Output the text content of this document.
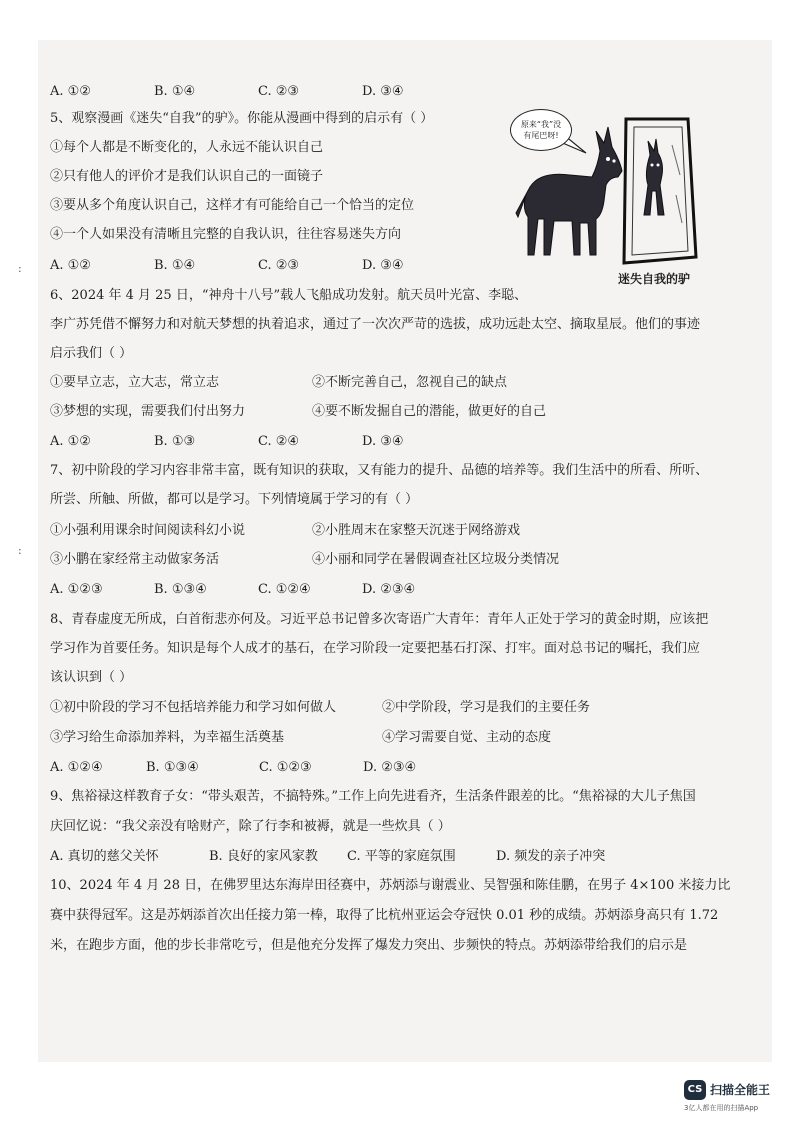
:
:
A. ①②	B. ①④	C. ②③	D. ③④
5、观察漫画《迷失“自我”的驴》。你能从漫画中得到的启示有（ ）
①每个人都是不断变化的，人永远不能认识自己
②只有他人的评价才是我们认识自己的一面镜子
③要从多个角度认识自己，这样才有可能给自己一个恰当的定位
④一个人如果没有清晰且完整的自我认识，往往容易迷失方向
A. ①②	B. ①④	C. ②③	D. ③④
6、2024 年 4 月 25 日，“神舟十八号”载人飞船成功发射。航天员叶光富、李聪、
李广苏凭借不懈努力和对航天梦想的执着追求，通过了一次次严苛的选拔，成功远赴太空、摘取星辰。他们的事迹
启示我们（ ）
①要早立志，立大志，常立志	②不断完善自己，忽视自己的缺点
③梦想的实现，需要我们付出努力	④要不断发掘自己的潜能，做更好的自己
A. ①②	B. ①③	C. ②④	D. ③④
7、初中阶段的学习内容非常丰富，既有知识的获取，又有能力的提升、品德的培养等。我们生活中的所看、所听、
所尝、所触、所做，都可以是学习。下列情境属于学习的有（ ）
①小强利用课余时间阅读科幻小说	②小胜周末在家整天沉迷于网络游戏
③小鹏在家经常主动做家务活	④小丽和同学在暑假调查社区垃圾分类情况
A. ①②③	B. ①③④	C. ①②④	D. ②③④
8、青春虚度无所成，白首衔悲亦何及。习近平总书记曾多次寄语广大青年：青年人正处于学习的黄金时期，应该把
学习作为首要任务。知识是每个人成才的基石，在学习阶段一定要把基石打深、打牢。面对总书记的嘱托，我们应
该认识到（ ）
①初中阶段的学习不包括培养能力和学习如何做人	②中学阶段，学习是我们的主要任务
③学习给生命添加养料，为幸福生活奠基	④学习需要自觉、主动的态度
A. ①②④	B. ①③④	C. ①②③	D. ②③④
9、焦裕禄这样教育子女：“带头艰苦，不搞特殊。”工作上向先进看齐，生活条件跟差的比。“焦裕禄的大儿子焦国
庆回忆说：“我父亲没有啥财产，除了行李和被褥，就是一些炊具（ ）
A. 真切的慈父关怀	B. 良好的家风家教	C. 平等的家庭氛围	D. 频发的亲子冲突
10、2024 年 4 月 28 日，在佛罗里达东海岸田径赛中，苏炳添与谢震业、吴智强和陈佳鹏，在男子 4×100 米接力比
赛中获得冠军。这是苏炳添首次出任接力第一棒，取得了比杭州亚运会夺冠快 0.01 秒的成绩。苏炳添身高只有 1.72
米，在跑步方面，他的步长非常吃亏，但是他充分发挥了爆发力突出、步频快的特点。苏炳添带给我们的启示是
原来“我”没
有尾巴呀!
迷失自我的驴
CS 扫描全能王
3亿人都在用的扫描App
